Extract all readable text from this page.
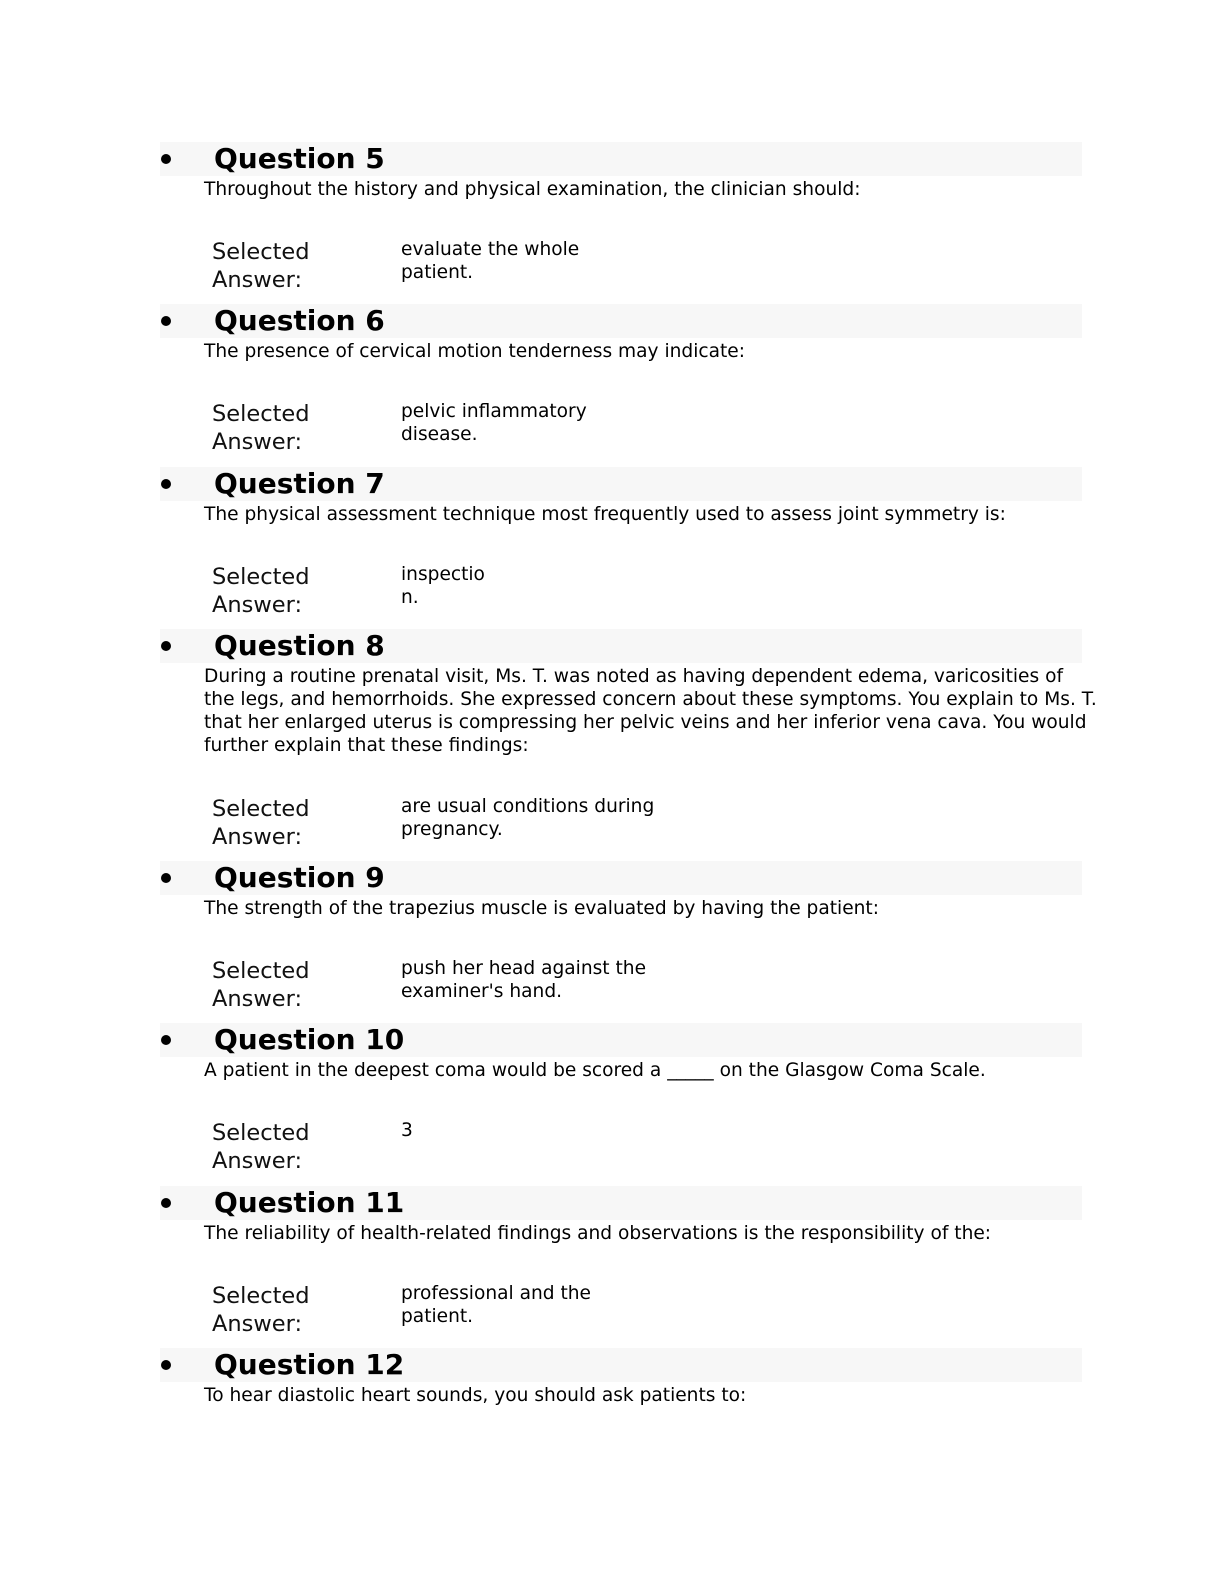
Question 5
Throughout the history and physical examination, the clinician should:
Selected Answer:
evaluate the whole patient.
Question 6
The presence of cervical motion tenderness may indicate:
Selected Answer:
pelvic inflammatory disease.
Question 7
The physical assessment technique most frequently used to assess joint symmetry is:
Selected Answer:
inspection.
Question 8
During a routine prenatal visit, Ms. T. was noted as having dependent edema, varicosities of the legs, and hemorrhoids. She expressed concern about these symptoms. You explain to Ms. T. that her enlarged uterus is compressing her pelvic veins and her inferior vena cava. You would further explain that these findings:
Selected Answer:
are usual conditions during pregnancy.
Question 9
The strength of the trapezius muscle is evaluated by having the patient:
Selected Answer:
push her head against the examiner's hand.
Question 10
A patient in the deepest coma would be scored a _____ on the Glasgow Coma Scale.
Selected Answer:
3
Question 11
The reliability of health-related findings and observations is the responsibility of the:
Selected Answer:
professional and the patient.
Question 12
To hear diastolic heart sounds, you should ask patients to:
